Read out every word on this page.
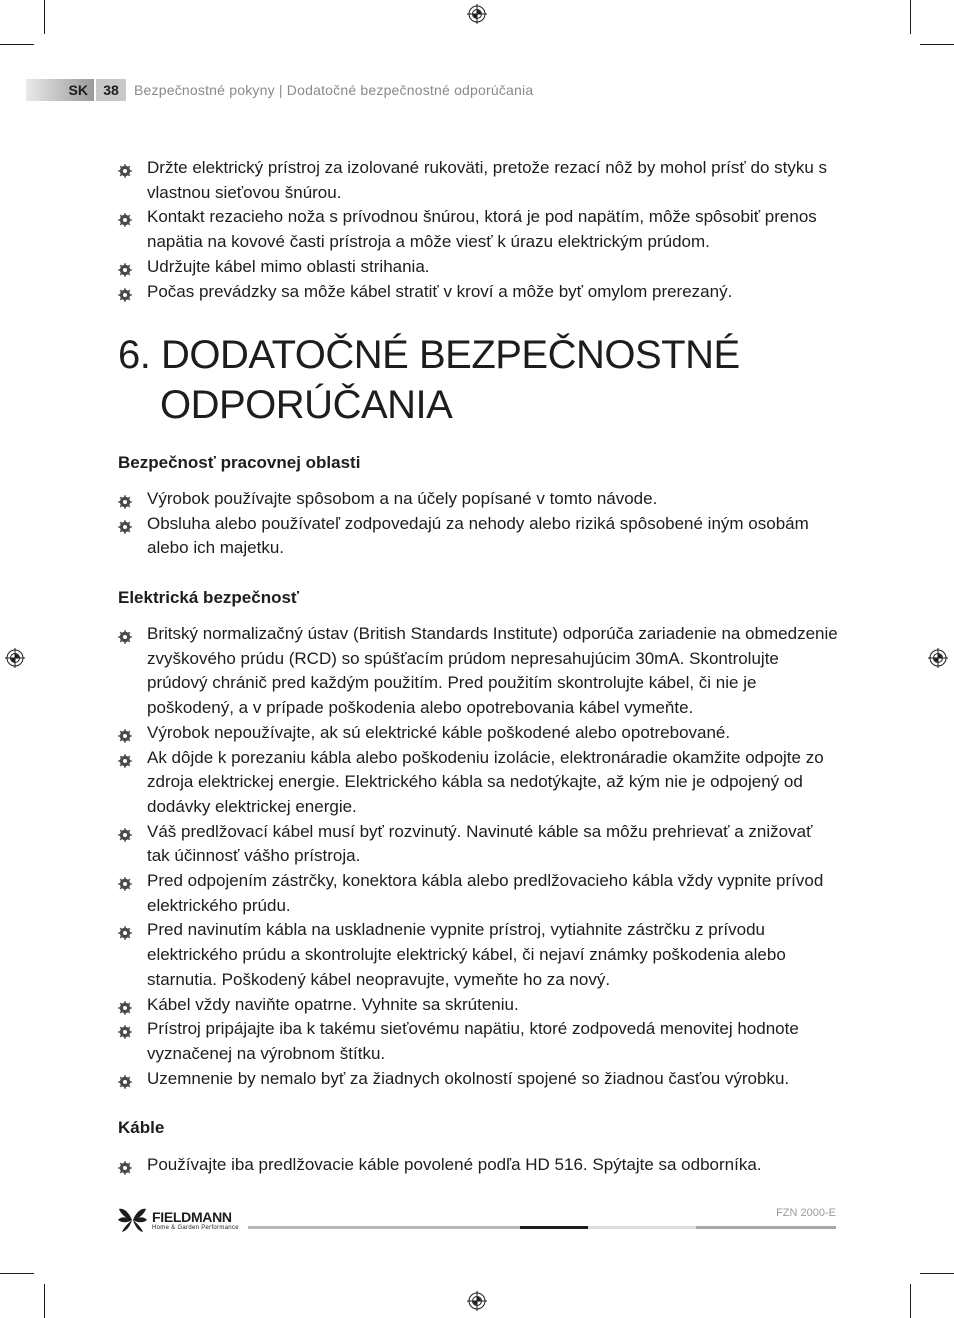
SK	38	Bezpečnostné pokyny | Dodatočné bezpečnostné odporúčania
Držte elektrický prístroj za izolované rukoväti, pretože rezací nôž by mohol prísť do styku s vlastnou sieťovou šnúrou.
Kontakt rezacieho noža s prívodnou šnúrou, ktorá je pod napätím, môže spôsobiť prenos napätia na kovové časti prístroja a môže viesť k úrazu elektrickým prúdom.
Udržujte kábel mimo oblasti strihania.
Počas prevádzky sa môže kábel stratiť v kroví a môže byť omylom prerezaný.
6. DODATOČNÉ BEZPEČNOSTNÉ
ODPORÚČANIA
Bezpečnosť pracovnej oblasti
Výrobok používajte spôsobom a na účely popísané v tomto návode.
Obsluha alebo používateľ zodpovedajú za nehody alebo riziká spôsobené iným osobám alebo ich majetku.
Elektrická bezpečnosť
Britský normalizačný ústav (British Standards Institute) odporúča zariadenie na obmedzenie zvyškového prúdu (RCD) so spúšťacím prúdom nepresahujúcim 30mA. Skontrolujte prúdový chránič pred každým použitím. Pred použitím skontrolujte kábel, či nie je poškodený, a v prípade poškodenia alebo opotrebovania kábel vymeňte.
Výrobok nepoužívajte, ak sú elektrické káble poškodené alebo opotrebované.
Ak dôjde k porezaniu kábla alebo poškodeniu izolácie, elektronáradie okamžite odpojte zo zdroja elektrickej energie. Elektrického kábla sa nedotýkajte, až kým nie je odpojený od dodávky elektrickej energie.
Váš predlžovací kábel musí byť rozvinutý. Navinuté káble sa môžu prehrievať a znižovať tak účinnosť vášho prístroja.
Pred odpojením zástrčky, konektora kábla alebo predlžovacieho kábla vždy vypnite prívod elektrického prúdu.
Pred navinutím kábla na uskladnenie vypnite prístroj, vytiahnite zástrčku z prívodu elektrického prúdu a skontrolujte elektrický kábel, či nejaví známky poškodenia alebo starnutia. Poškodený kábel neopravujte, vymeňte ho za nový.
Kábel vždy naviňte opatrne. Vyhnite sa skrúteniu.
Prístroj pripájajte iba k takému sieťovému napätiu, ktoré zodpovedá menovitej hodnote vyznačenej na výrobnom štítku.
Uzemnenie by nemalo byť za žiadnych okolností spojené so žiadnou časťou výrobku.
Káble
Používajte iba predlžovacie káble povolené podľa HD 516. Spýtajte sa odborníka.
FIELDMANN
Home & Garden Performance
FZN 2000-E
